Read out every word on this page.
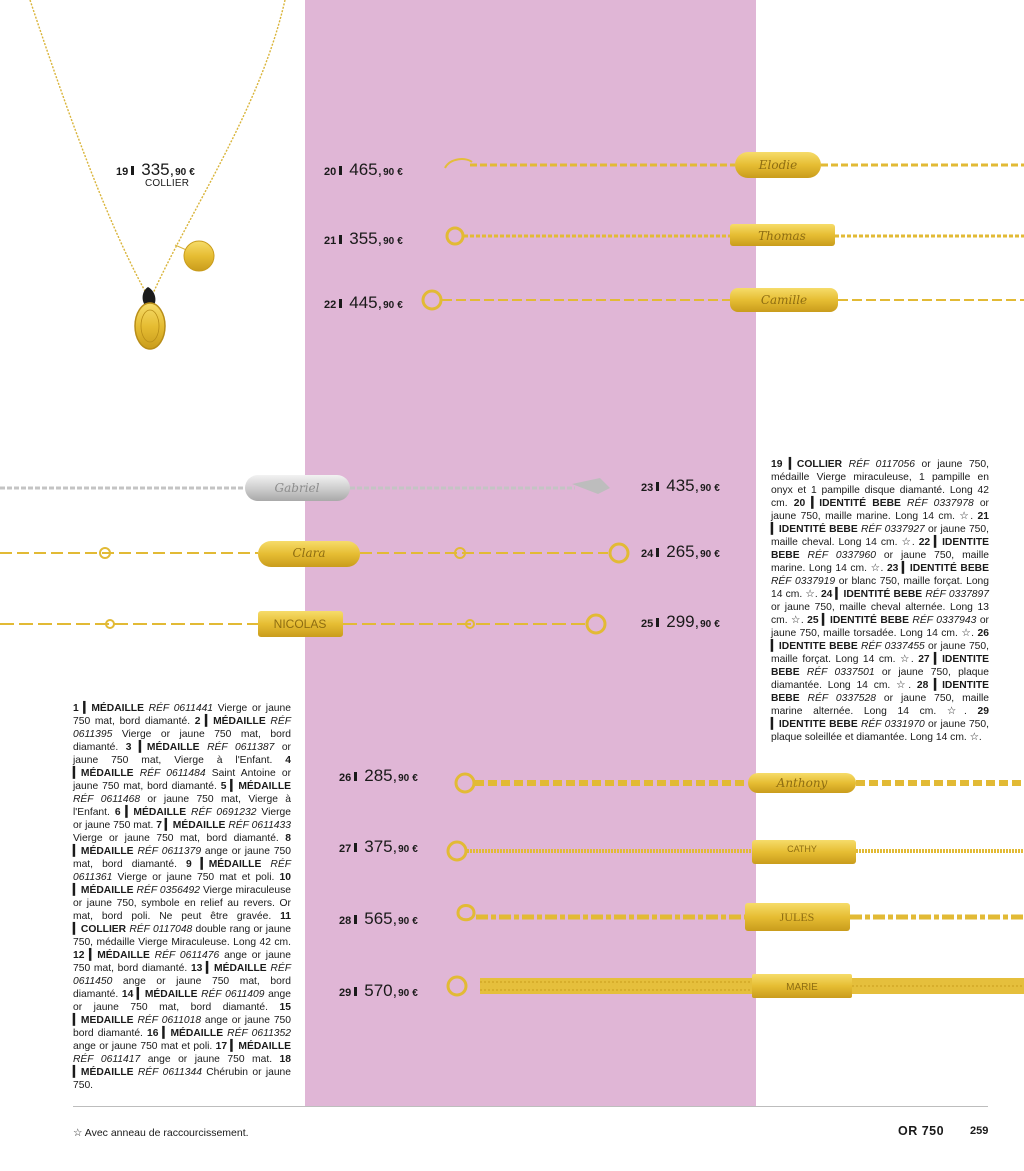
Elodie
Thomas
Camille
Gabriel
Clara
Anthony
NICOLAS
CATHY
JULES
MARIE
19 335 , 90 €
COLLIER
20 465 , 90 €
21 355 , 90 €
22 445 , 90 €
23 435 , 90 €
24 265 , 90 €
25 299 , 90 €
26 285 , 90 €
27 375 , 90 €
28 565 , 90 €
29 570 , 90 €
19 ▎COLLIER RÉF 0117056 or jaune 750, médaille Vierge miraculeuse, 1 pampille en onyx et 1 pampille disque diamanté. Long 42 cm. 20 ▎IDENTITÉ BEBE RÉF 0337978 or jaune 750, maille marine. Long 14 cm. ☆. 21 ▎IDENTITÉ BEBE RÉF 0337927 or jaune 750, maille cheval. Long 14 cm. ☆. 22 ▎IDENTITE BEBE RÉF 0337960 or jaune 750, maille marine. Long 14 cm. ☆. 23 ▎IDENTITÉ BEBE RÉF 0337919 or blanc 750, maille forçat. Long 14 cm. ☆. 24 ▎IDENTITÉ BEBE RÉF 0337897 or jaune 750, maille cheval alternée. Long 13 cm. ☆. 25 ▎IDENTITÉ BEBE RÉF 0337943 or jaune 750, maille torsadée. Long 14 cm. ☆. 26 ▎IDENTITE BEBE RÉF 0337455 or jaune 750, maille forçat. Long 14 cm. ☆. 27 ▎IDENTITE BEBE RÉF 0337501 or jaune 750, plaque diamantée. Long 14 cm. ☆. 28 ▎IDENTITE BEBE RÉF 0337528 or jaune 750, maille marine alternée. Long 14 cm. ☆. 29 ▎IDENTITE BEBE RÉF 0331970 or jaune 750, plaque soleillée et diamantée. Long 14 cm. ☆.
1 ▎MÉDAILLE RÉF 0611441 Vierge or jaune 750 mat, bord diamanté. 2 ▎MÉDAILLE RÉF 0611395 Vierge or jaune 750 mat, bord diamanté. 3 ▎MÉDAILLE RÉF 0611387 or jaune 750 mat, Vierge à l'Enfant. 4 ▎MÉDAILLE RÉF 0611484 Saint Antoine or jaune 750 mat, bord diamanté. 5 ▎MÉDAILLE RÉF 0611468 or jaune 750 mat, Vierge à l'Enfant. 6 ▎MÉDAILLE RÉF 0691232 Vierge or jaune 750 mat. 7 ▎MÉDAILLE RÉF 0611433 Vierge or jaune 750 mat, bord diamanté. 8 ▎MÉDAILLE RÉF 0611379 ange or jaune 750 mat, bord diamanté. 9 ▎MÉDAILLE RÉF 0611361 Vierge or jaune 750 mat et poli. 10 ▎MÉDAILLE RÉF 0356492 Vierge miraculeuse or jaune 750, symbole en relief au revers. Or mat, bord poli. Ne peut être gravée. 11 ▎COLLIER RÉF 0117048 double rang or jaune 750, médaille Vierge Miraculeuse. Long 42 cm. 12 ▎MÉDAILLE RÉF 0611476 ange or jaune 750 mat, bord diamanté. 13 ▎MÉDAILLE RÉF 0611450 ange or jaune 750 mat, bord diamanté. 14 ▎MÉDAILLE RÉF 0611409 ange or jaune 750 mat, bord diamanté. 15 ▎MEDAILLE RÉF 0611018 ange or jaune 750 bord diamanté. 16 ▎MÉDAILLE RÉF 0611352 ange or jaune 750 mat et poli. 17 ▎MÉDAILLE RÉF 0611417 ange or jaune 750 mat. 18 ▎MÉDAILLE RÉF 0611344 Chérubin or jaune 750.
☆ Avec anneau de raccourcissement.	OR 750 259
